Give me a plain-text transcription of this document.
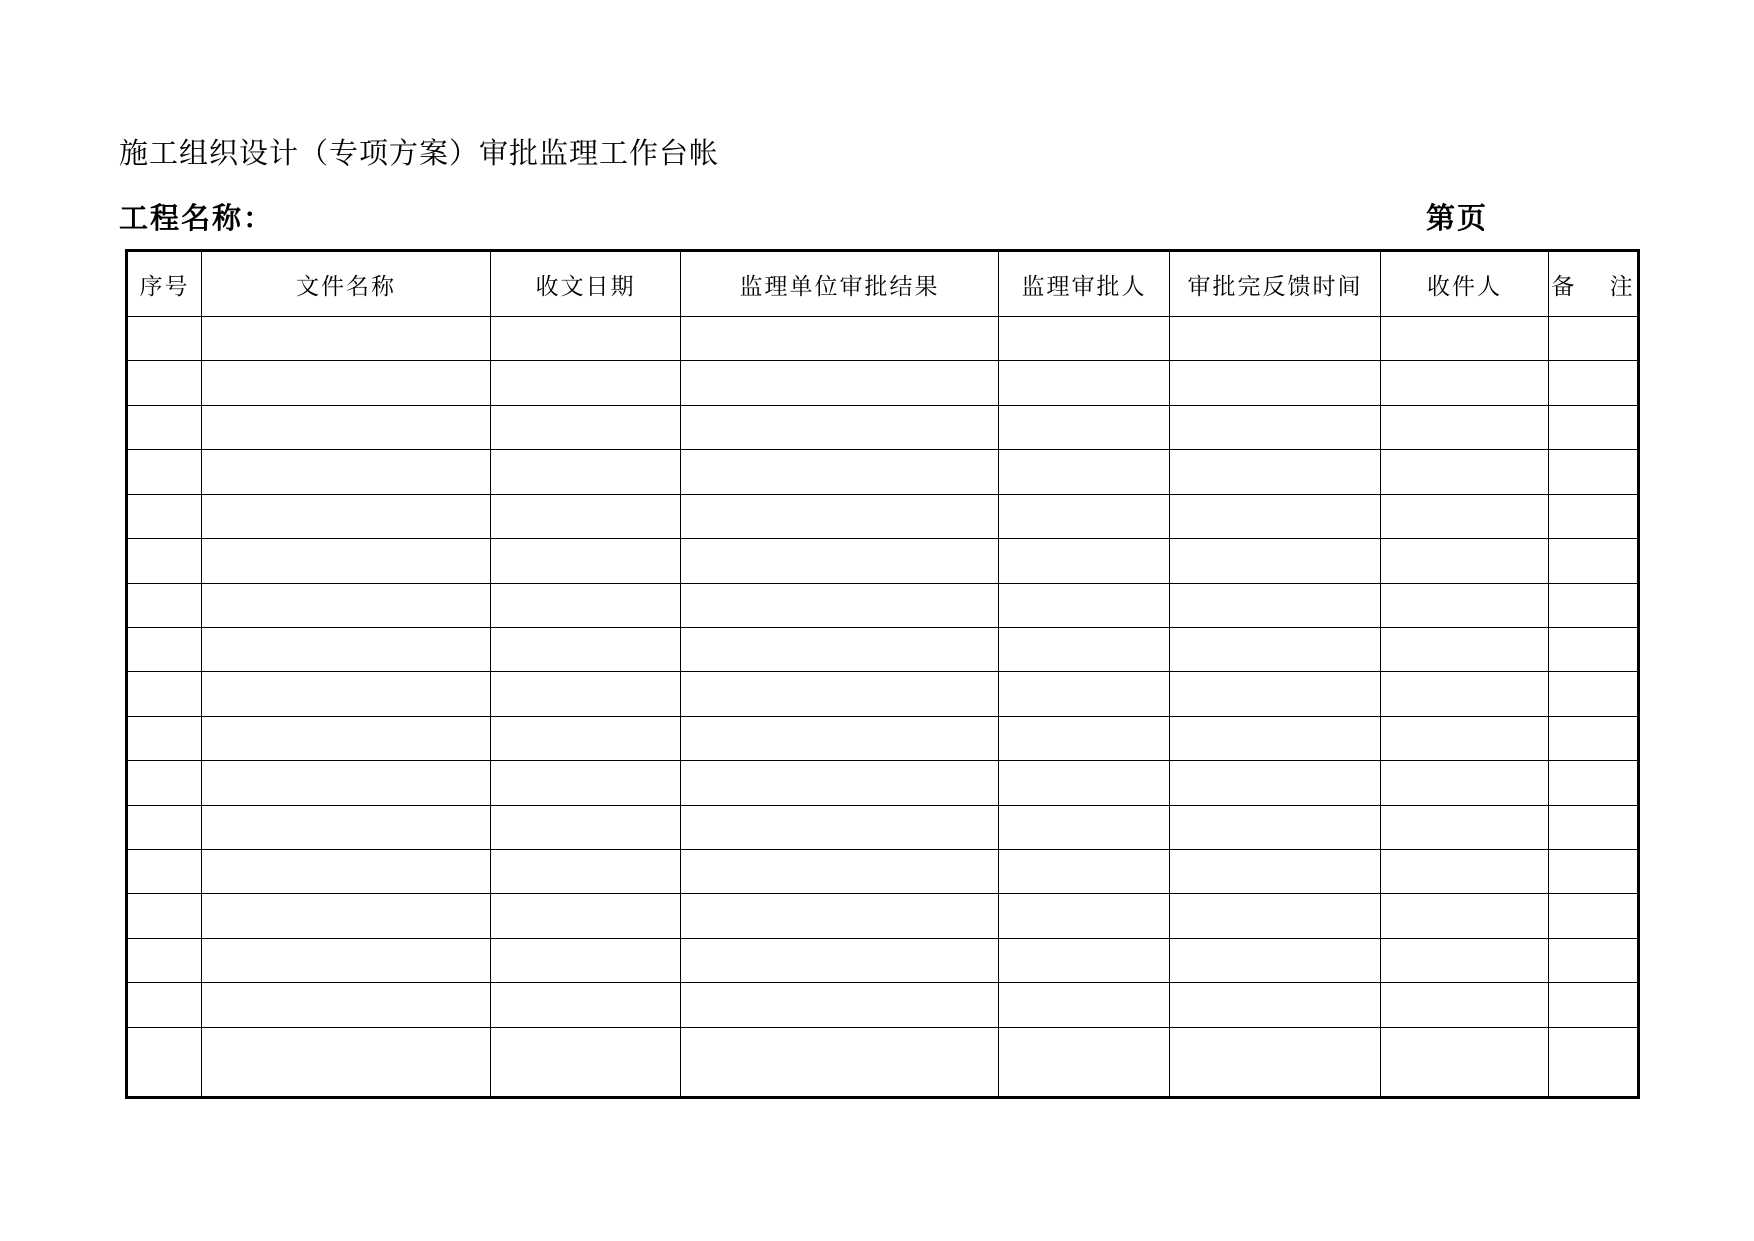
施工组织设计（专项方案）审批监理工作台帐
工程名称：	第页
序号	文件名称	收文日期	监理单位审批结果	监理审批人	审批完反馈时间	收件人	备 注
